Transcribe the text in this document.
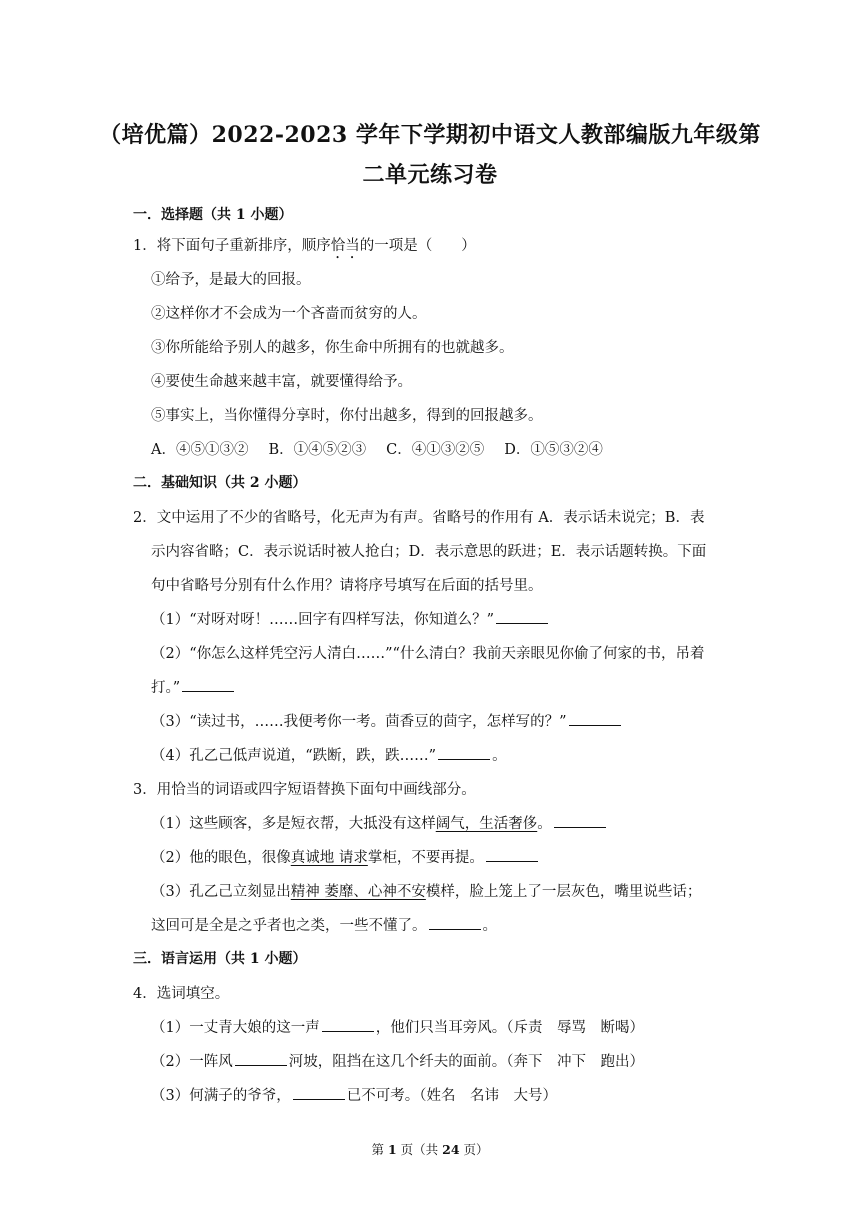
（培优篇）2022-2023 学年下学期初中语文人教部编版九年级第
二单元练习卷
一．选择题（共 1 小题）
1．将下面句子重新排序，顺序恰当的一项是（　　）
①给予，是最大的回报。
②这样你才不会成为一个吝啬而贫穷的人。
③你所能给予别人的越多，你生命中所拥有的也就越多。
④要使生命越来越丰富，就要懂得给予。
⑤事实上，当你懂得分享时，你付出越多，得到的回报越多。
A．④⑤①③② B．①④⑤②③ C．④①③②⑤ D．①⑤③②④
二．基础知识（共 2 小题）
2．文中运用了不少的省略号，化无声为有声。省略号的作用有 A．表示话未说完；B．表
示内容省略；C．表示说话时被人抢白；D．表示意思的跃进；E．表示话题转换。下面
句中省略号分别有什么作用？请将序号填写在后面的括号里。
（1）“对呀对呀！……回字有四样写法，你知道么？”
（2）“你怎么这样凭空污人清白……”“什么清白？我前天亲眼见你偷了何家的书，吊着
打。”
（3）“读过书，……我便考你一考。茴香豆的茴字，怎样写的？”
（4）孔乙己低声说道，“跌断，跌，跌……”	。
3．用恰当的词语或四字短语替换下面句中画线部分。
（1）这些顾客，多是短衣帮，大抵没有这样阔气，生活奢侈。
（2）他的眼色，很像真诚地 请求掌柜，不要再提。
（3）孔乙己立刻显出精神 萎靡、心神不安模样，脸上笼上了一层灰色，嘴里说些话；
这回可是全是之乎者也之类，一些不懂了。	。
三．语言运用（共 1 小题）
4．选词填空。
（1）一丈青大娘的这一声	，他们只当耳旁风。（斥责　辱骂　断喝）
（2）一阵风	河坡，阻挡在这几个纤夫的面前。（奔下　冲下　跑出）
（3）何满子的爷爷，	已不可考。（姓名　名讳　大号）
第 1 页（共 24 页）
